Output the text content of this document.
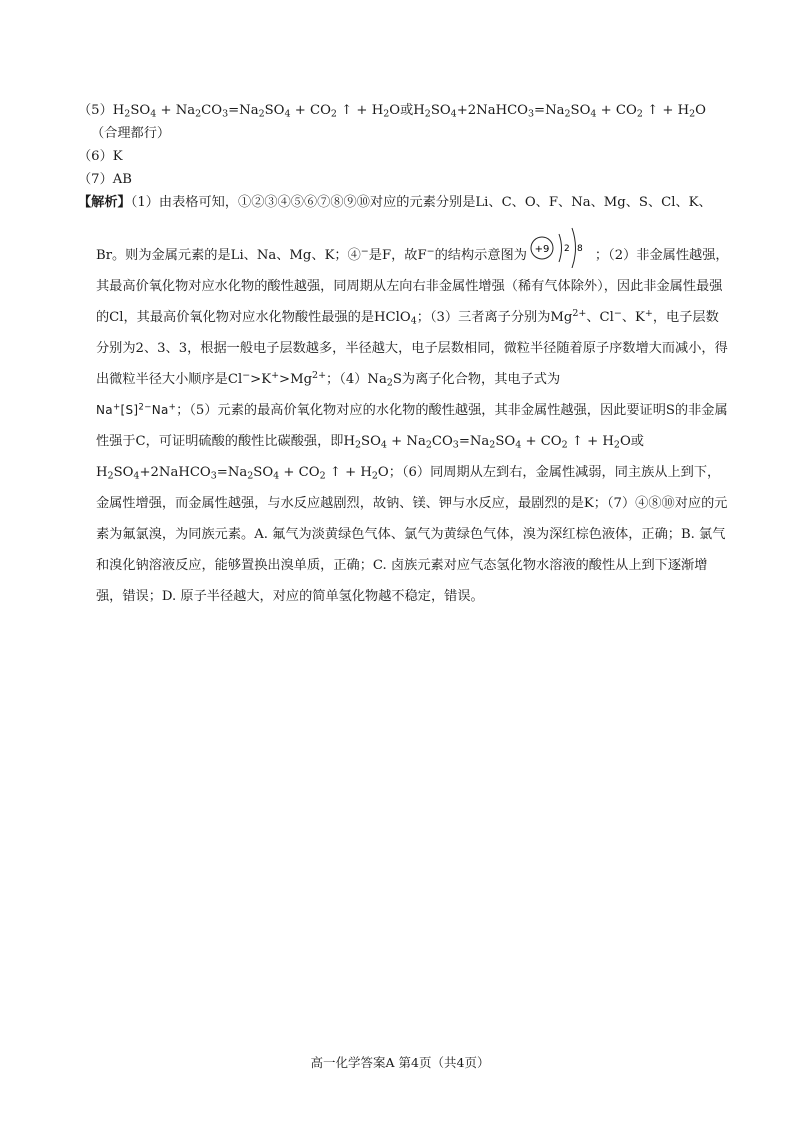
$(5)H_2SO_4 + Na_2CO_3=Na_2SO_4 + CO_2$ ↑ + $H_2O$或$H_2SO_4+2NaHCO_3=Na_2SO_4 + CO_2$ ↑ + $H_2O$（合理都行）

（6）K

（7）AB

【解析】（1）由表格可知，①②③④⑤⑥⑦⑧⑨⑩对应的元素分别是Li、C、O、F、Na、Mg、S、Cl、K、

Br。则为金属元素的是Li、Na、Mg、K；④−是F，故F−的结构示意图为 +9 2 8 ；（2）非金属性越强，其最高价氧化物对应水化物的酸性越强，同周期从左向右非金属性增强（稀有气体除外），因此非金属性最强的Cl，其最高价氧化物对应水化物酸性最强的是HClO$_4$；（3）三者离子分别为$Mg^{2+}$、Cl−、K+，电子层数分别为2、3、3，根据一般电子层数越多，半径越大，电子层数相同，微粒半径随着原子序数增大而减小，得出微粒半径大小顺序是$Cl^->K^+>Mg^{2+}$；$(4)Na_2S$为离子化合物，其电子式为

$Na^+[S]^{2-}Na^+$；（5）元素的最高价氧化物对应的水化物的酸性越强，其非金属性越强，因此要证明S的非金属性强于C，可证明硫酸的酸性比碳酸强，即$H_2SO_4 + Na_2CO_3=Na_2SO_4 + CO_2$ ↑ + $H_2O$或$H_2SO_4+2NaHCO_3=Na_2SO_4 + CO_2$ ↑ + $H_2O$；（6）同周期从左到右，金属性减弱，同主族从上到下，金属性增强，而金属性越强，与水反应越剧烈，故钠、镁、钾与水反应，最剧烈的是K；（7）④⑧⑩对应的元素为氟氯溴，为同族元素。A. 氟气为淡黄绿色气体、氯气为黄绿色气体，溴为深红棕色液体，正确；B. 氯气和溴化钠溶液反应，能够置换出溴单质，正确；C. 卤族元素对应气态氢化物水溶液的酸性从上到下逐渐增强，错误；D. 原子半径越大，对应的简单氢化物越不稳定，错误。

高一化学答案A 第4页（共4页）
